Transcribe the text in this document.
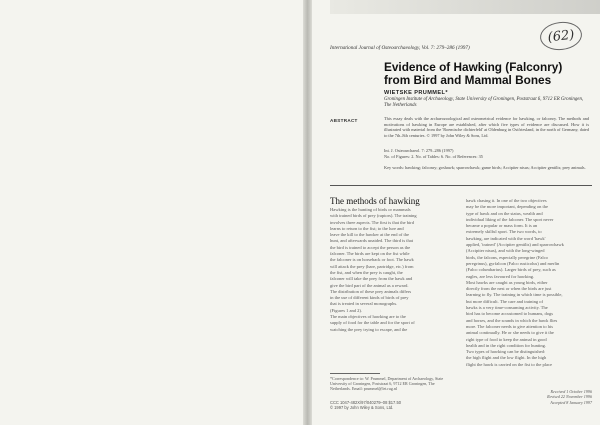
(62)
International Journal of Osteoarchaeology, Vol. 7: 279–286 (1997)
Evidence of Hawking (Falconry) from Bird and Mammal Bones
WIETSKE PRUMMEL*
Groningen Institute of Archaeology, State University of Groningen, Poststraat 6, 9712 ER Groningen, The Netherlands
ABSTRACT	This essay deals with the archaeozoological and osteometrical evidence for hawking, or falconry. The methods and motivations of hawking in Europe are established, after which five types of evidence are discussed. How it is illustrated with material from the 'Roemische dichterfeld' at Oldenburg in Ostfriesland, in the north of Germany, dated to the 7th–8th centuries. © 1997 by John Wiley & Sons, Ltd.
Int. J. Osteoarchaeol. 7: 279–286 (1997)
No. of Figures: 2. No. of Tables: 6. No. of References: 35
Key words: hawking; falconry; goshawk; sparrowhawk; game birds; Accipiter nisus; Accipiter gentilis; prey animals.
The methods of hawking
Hawking is the hunting of birds or mammals
with trained birds of prey (raptors). The training
involves three aspects. The first is that the bird
learns to return to the fist; to the lure and
leave the kill to the hawker at the end of the
hunt, and afterwards unaided. The third is that
the bird is trained to accept the person as the
falconer. The birds are kept on the fist while
the falconer is on horseback or foot. The hawk
will attack the prey (hare, partridge, etc.) from
the fist, and when the prey is caught, the
falconer will take the prey from the hawk and
give the bird part of the animal as a reward.
The distribution of these prey animals differs
in the use of different kinds of birds of prey
that is treated in several monographs.
(Figures 1 and 2).
The main objectives of hawking are to the
supply of food for the table and for the sport of
watching the prey trying to escape, and the
hawk chasing it. In one of the two objectives
may be the more important, depending on the
type of hawk and on the status, wealth and
individual liking of the falconer. The sport never
became a popular or mass form. It is an
extremely skilful sport. The two words, to
hawking, are indicated with the word 'hawk'
applied, 'trained' (Accipiter gentilis) and sparrowhawk
(Accipiter nisus), and with the long-winged
birds, the falcons, especially peregrine (Falco
peregrinus), gyrfalcon (Falco rusticolus) and merlin
(Falco columbarius). Larger birds of prey, such as
eagles, are less favoured for hawking.
Most hawks are caught as young birds, either
directly from the nest or when the birds are just
learning to fly. The training in which time is possible,
but more difficult. The care and training of
hawks is a very time-consuming activity. The
bird has to become accustomed to humans, dogs
and horses, and the sounds in which the hawk flies
more. The falconer needs to give attention to his
animal continually. He or she needs to give it the
right type of food to keep the animal in good
health and in the right condition for hunting.
Two types of hawking can be distinguished:
the high flight and the low flight. In the high
flight the hawk is carried on the fist to the place
*Correspondence to: W. Prummel, Department of Archaeology, State University of Groningen, Poststraat 6, 9712 ER Groningen, The Netherlands. Email: prummel@let.rug.nl
CCC 1047-482X/97/040279–08 $17.50
© 1997 by John Wiley & Sons, Ltd.
Received 1 October 1996
Revised 22 November 1996
Accepted 8 January 1997
